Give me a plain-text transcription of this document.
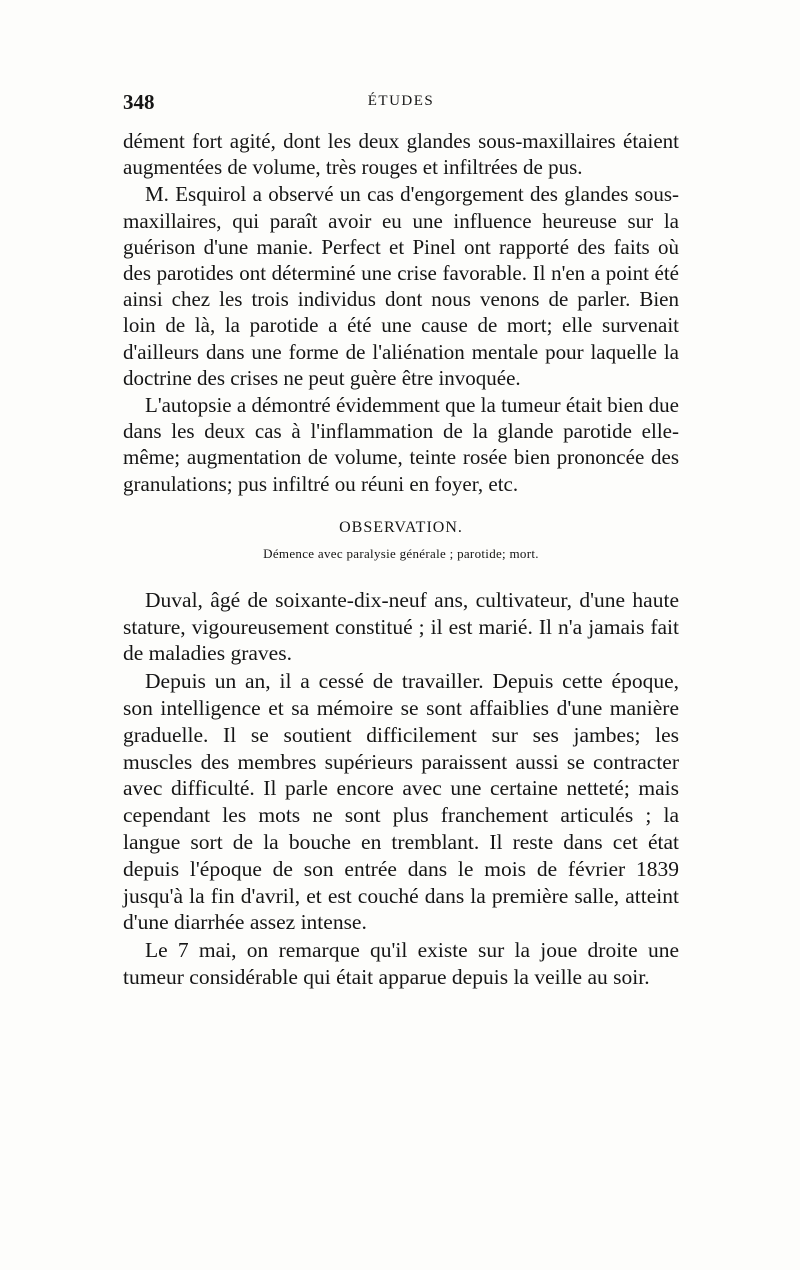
348	ÉTUDES

dément fort agité, dont les deux glandes sous-maxillaires étaient augmentées de volume, très rouges et infiltrées de pus.

M. Esquirol a observé un cas d'engorgement des glandes sous-maxillaires, qui paraît avoir eu une influence heureuse sur la guérison d'une manie. Perfect et Pinel ont rapporté des faits où des parotides ont déterminé une crise favorable. Il n'en a point été ainsi chez les trois individus dont nous venons de parler. Bien loin de là, la parotide a été une cause de mort; elle survenait d'ailleurs dans une forme de l'aliénation mentale pour laquelle la doctrine des crises ne peut guère être invoquée.

L'autopsie a démontré évidemment que la tumeur était bien due dans les deux cas à l'inflammation de la glande parotide elle-même; augmentation de volume, teinte rosée bien prononcée des granulations; pus infiltré ou réuni en foyer, etc.

OBSERVATION.
Démence avec paralysie générale ; parotide; mort.

Duval, âgé de soixante-dix-neuf ans, cultivateur, d'une haute stature, vigoureusement constitué ; il est marié. Il n'a jamais fait de maladies graves.

Depuis un an, il a cessé de travailler. Depuis cette époque, son intelligence et sa mémoire se sont affaiblies d'une manière graduelle. Il se soutient difficilement sur ses jambes; les muscles des membres supérieurs paraissent aussi se contracter avec difficulté. Il parle encore avec une certaine netteté; mais cependant les mots ne sont plus franchement articulés ; la langue sort de la bouche en tremblant. Il reste dans cet état depuis l'époque de son entrée dans le mois de février 1839 jusqu'à la fin d'avril, et est couché dans la première salle, atteint d'une diarrhée assez intense.

Le 7 mai, on remarque qu'il existe sur la joue droite une tumeur considérable qui était apparue depuis la veille au soir.
